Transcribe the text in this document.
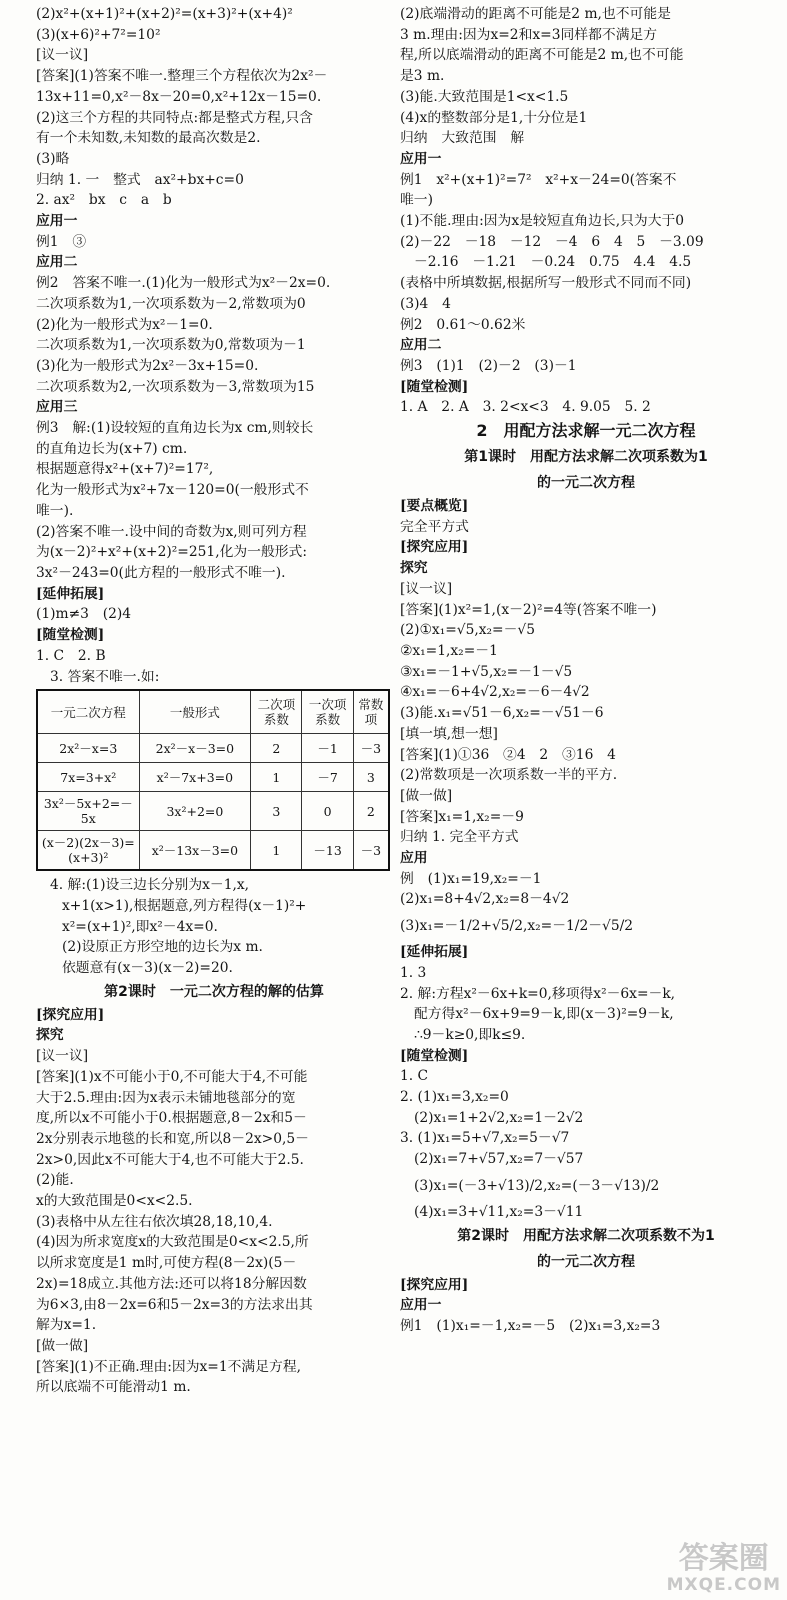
(2)x²+(x+1)²+(x+2)²=(x+3)²+(x+4)²
(3)(x+6)²+7²=10²
[议一议]
[答案](1)答案不唯一.整理三个方程依次为2x²－
13x+11=0,x²－8x－20=0,x²+12x－15=0.
(2)这三个方程的共同特点:都是整式方程,只含
有一个未知数,未知数的最高次数是2.
(3)略
归纳 1. 一　整式　ax²+bx+c=0
2. ax²　bx　c　a　b
应用一
例1　③
应用二
例2　答案不唯一.(1)化为一般形式为x²－2x=0.
二次项系数为1,一次项系数为－2,常数项为0
(2)化为一般形式为x²－1=0.
二次项系数为1,一次项系数为0,常数项为－1
(3)化为一般形式为2x²－3x+15=0.
二次项系数为2,一次项系数为－3,常数项为15
应用三
例3　解:(1)设较短的直角边长为x cm,则较长
的直角边长为(x+7) cm.
根据题意得x²+(x+7)²=17²,
化为一般形式为x²+7x－120=0(一般形式不
唯一).
(2)答案不唯一.设中间的奇数为x,则可列方程
为(x－2)²+x²+(x+2)²=251,化为一般形式:
3x²－243=0(此方程的一般形式不唯一).
[延伸拓展]
(1)m≠3　(2)4
[随堂检测]
1. C　2. B
3. 答案不唯一.如:
一元二次方程	一般形式	二次项系数	一次项系数	常数项
2x²－x=3	2x²－x－3=0	2	－1	－3
7x=3+x²	x²－7x+3=0	1	－7	3
3x²－5x+2=－5x	3x²+2=0	3	0	2
(x－2)(2x－3)=(x+3)²	x²－13x－3=0	1	－13	－3
4. 解:(1)设三边长分别为x－1,x,
x+1(x>1),根据题意,列方程得(x－1)²+
x²=(x+1)²,即x²－4x=0.
(2)设原正方形空地的边长为x m.
依题意有(x－3)(x－2)=20.
第2课时　一元二次方程的解的估算
[探究应用]
探究
[议一议]
[答案](1)x不可能小于0,不可能大于4,不可能
大于2.5.理由:因为x表示未铺地毯部分的宽
度,所以x不可能小于0.根据题意,8－2x和5－
2x分别表示地毯的长和宽,所以8－2x>0,5－
2x>0,因此x不可能大于4,也不可能大于2.5.
(2)能.
x的大致范围是0<x<2.5.
(3)表格中从左往右依次填28,18,10,4.
(4)因为所求宽度x的大致范围是0<x<2.5,所
以所求宽度是1 m时,可使方程(8－2x)(5－
2x)=18成立.其他方法:还可以将18分解因数
为6×3,由8－2x=6和5－2x=3的方法求出其
解为x=1.
[做一做]
[答案](1)不正确.理由:因为x=1不满足方程,
所以底端不可能滑动1 m.
(2)底端滑动的距离不可能是2 m,也不可能是
3 m.理由:因为x=2和x=3同样都不满足方
程,所以底端滑动的距离不可能是2 m,也不可能
是3 m.
(3)能.大致范围是1<x<1.5
(4)x的整数部分是1,十分位是1
归纳　大致范围　解
应用一
例1　x²+(x+1)²=7²　x²+x－24=0(答案不
唯一)
(1)不能.理由:因为x是较短直角边长,只为大于0
(2)－22　－18　－12　－4　6　4　5　－3.09
－2.16　－1.21　－0.24　0.75　4.4　4.5
(表格中所填数据,根据所写一般形式不同而不同)
(3)4　4
例2　0.61～0.62米
应用二
例3　(1)1　(2)－2　(3)－1
[随堂检测]
1. A　2. A　3. 2<x<3　4. 9.05　5. 2
2　用配方法求解一元二次方程
第1课时　用配方法求解二次项系数为1
的一元二次方程
[要点概览]
完全平方式
[探究应用]
探究
[议一议]
[答案](1)x²=1,(x－2)²=4等(答案不唯一)
(2)①x₁=√5,x₂=－√5
②x₁=1,x₂=－1
③x₁=－1+√5,x₂=－1－√5
④x₁=－6+4√2,x₂=－6－4√2
(3)能.x₁=√51－6,x₂=－√51－6
[填一填,想一想]
[答案](1)①36　②4　2　③16　4
(2)常数项是一次项系数一半的平方.
[做一做]
[答案]x₁=1,x₂=－9
归纳 1. 完全平方式
应用
例　(1)x₁=19,x₂=－1
(2)x₁=8+4√2,x₂=8－4√2
(3)x₁=－1/2+√5/2,x₂=－1/2－√5/2
[延伸拓展]
1. 3
2. 解:方程x²－6x+k=0,移项得x²－6x=－k,
配方得x²－6x+9=9－k,即(x－3)²=9－k,
∴9－k≥0,即k≤9.
[随堂检测]
1. C
2. (1)x₁=3,x₂=0
(2)x₁=1+2√2,x₂=1－2√2
3. (1)x₁=5+√7,x₂=5－√7
(2)x₁=7+√57,x₂=7－√57
(3)x₁=(－3+√13)/2,x₂=(－3－√13)/2
(4)x₁=3+√11,x₂=3－√11
第2课时　用配方法求解二次项系数不为1
的一元二次方程
[探究应用]
应用一
例1　(1)x₁=－1,x₂=－5　(2)x₁=3,x₂=3
答案圈
MXQE.COM
